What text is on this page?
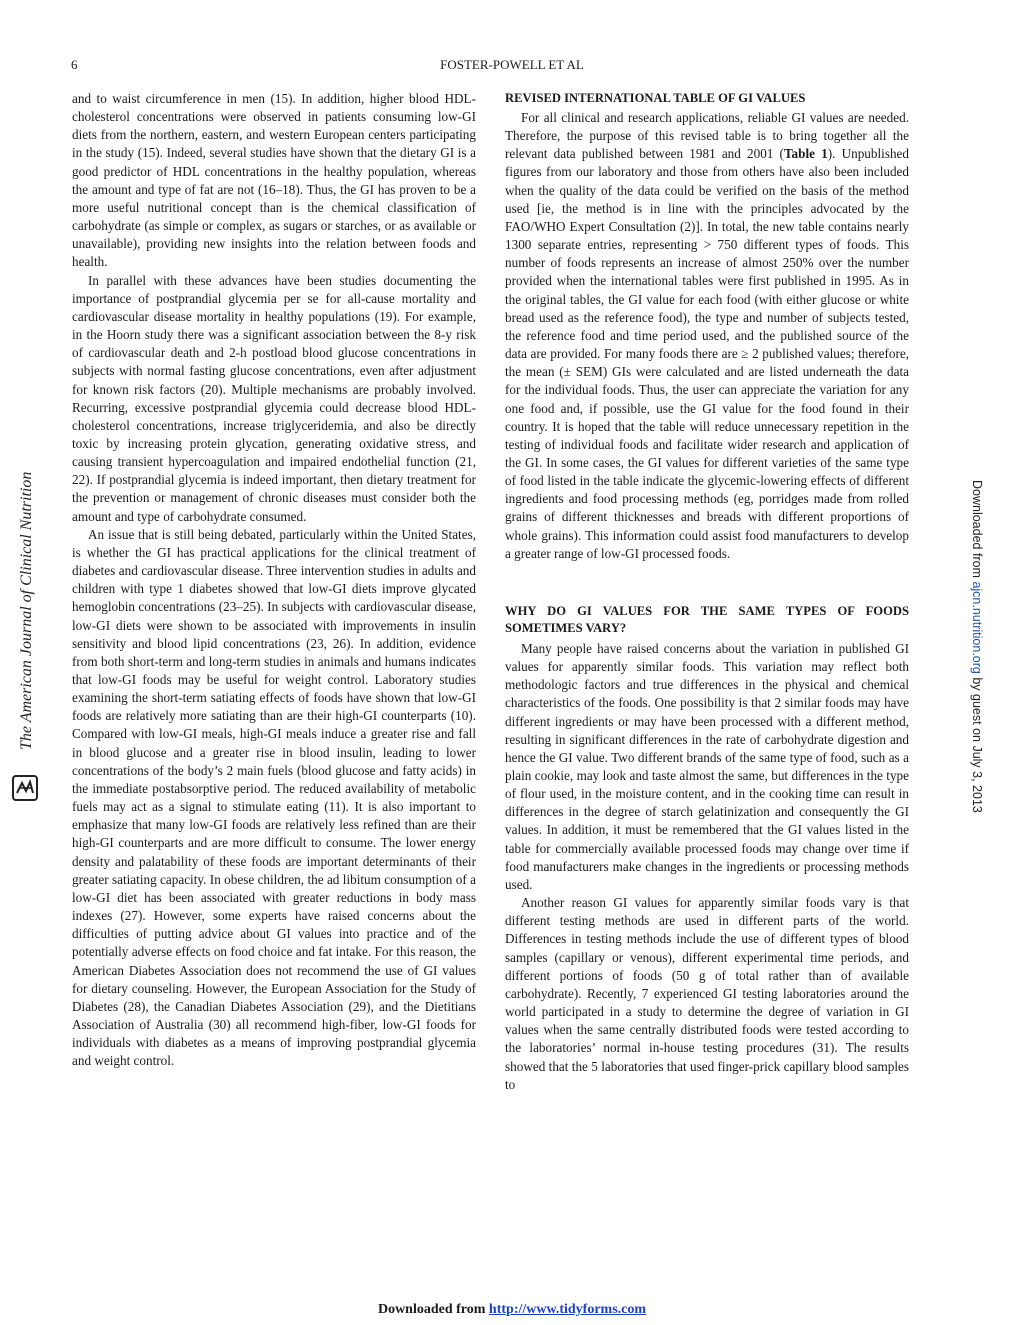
6	FOSTER-POWELL ET AL
The American Journal of Clinical Nutrition	Downloaded from ajcn.nutrition.org by guest on July 3, 2013

and to waist circumference in men (15). In addition, higher blood HDL-cholesterol concentrations were observed in patients consuming low-GI diets from the northern, eastern, and western European centers participating in the study (15). Indeed, several studies have shown that the dietary GI is a good predictor of HDL concentrations in the healthy population, whereas the amount and type of fat are not (16–18). Thus, the GI has proven to be a more useful nutritional concept than is the chemical classification of carbohydrate (as simple or complex, as sugars or starches, or as available or unavailable), providing new insights into the relation between foods and health.

In parallel with these advances have been studies documenting the importance of postprandial glycemia per se for all-cause mortality and cardiovascular disease mortality in healthy populations (19). For example, in the Hoorn study there was a significant association between the 8-y risk of cardiovascular death and 2-h postload blood glucose concentrations in subjects with normal fasting glucose concentrations, even after adjustment for known risk factors (20). Multiple mechanisms are probably involved. Recurring, excessive postprandial glycemia could decrease blood HDL-cholesterol concentrations, increase triglyceridemia, and also be directly toxic by increasing protein glycation, generating oxidative stress, and causing transient hypercoagulation and impaired endothelial function (21, 22). If postprandial glycemia is indeed important, then dietary treatment for the prevention or management of chronic diseases must consider both the amount and type of carbohydrate consumed.

An issue that is still being debated, particularly within the United States, is whether the GI has practical applications for the clinical treatment of diabetes and cardiovascular disease. Three intervention studies in adults and children with type 1 diabetes showed that low-GI diets improve glycated hemoglobin concentrations (23–25). In subjects with cardiovascular disease, low-GI diets were shown to be associated with improvements in insulin sensitivity and blood lipid concentrations (23, 26). In addition, evidence from both short-term and long-term studies in animals and humans indicates that low-GI foods may be useful for weight control. Laboratory studies examining the short-term satiating effects of foods have shown that low-GI foods are relatively more satiating than are their high-GI counterparts (10). Compared with low-GI meals, high-GI meals induce a greater rise and fall in blood glucose and a greater rise in blood insulin, leading to lower concentrations of the body’s 2 main fuels (blood glucose and fatty acids) in the immediate postabsorptive period. The reduced availability of metabolic fuels may act as a signal to stimulate eating (11). It is also important to emphasize that many low-GI foods are relatively less refined than are their high-GI counterparts and are more difficult to consume. The lower energy density and palatability of these foods are important determinants of their greater satiating capacity. In obese children, the ad libitum consumption of a low-GI diet has been associated with greater reductions in body mass indexes (27). However, some experts have raised concerns about the difficulties of putting advice about GI values into practice and of the potentially adverse effects on food choice and fat intake. For this reason, the American Diabetes Association does not recommend the use of GI values for dietary counseling. However, the European Association for the Study of Diabetes (28), the Canadian Diabetes Association (29), and the Dietitians Association of Australia (30) all recommend high-fiber, low-GI foods for individuals with diabetes as a means of improving postprandial glycemia and weight control.

REVISED INTERNATIONAL TABLE OF GI VALUES

For all clinical and research applications, reliable GI values are needed. Therefore, the purpose of this revised table is to bring together all the relevant data published between 1981 and 2001 (Table 1). Unpublished figures from our laboratory and those from others have also been included when the quality of the data could be verified on the basis of the method used [ie, the method is in line with the principles advocated by the FAO/WHO Expert Consultation (2)]. In total, the new table contains nearly 1300 separate entries, representing > 750 different types of foods. This number of foods represents an increase of almost 250% over the number provided when the international tables were first published in 1995. As in the original tables, the GI value for each food (with either glucose or white bread used as the reference food), the type and number of subjects tested, the reference food and time period used, and the published source of the data are provided. For many foods there are ≥ 2 published values; therefore, the mean (± SEM) GIs were calculated and are listed underneath the data for the individual foods. Thus, the user can appreciate the variation for any one food and, if possible, use the GI value for the food found in their country. It is hoped that the table will reduce unnecessary repetition in the testing of individual foods and facilitate wider research and application of the GI. In some cases, the GI values for different varieties of the same type of food listed in the table indicate the glycemic-lowering effects of different ingredients and food processing methods (eg, porridges made from rolled grains of different thicknesses and breads with different proportions of whole grains). This information could assist food manufacturers to develop a greater range of low-GI processed foods.

WHY DO GI VALUES FOR THE SAME TYPES OF FOODS SOMETIMES VARY?

Many people have raised concerns about the variation in published GI values for apparently similar foods. This variation may reflect both methodologic factors and true differences in the physical and chemical characteristics of the foods. One possibility is that 2 similar foods may have different ingredients or may have been processed with a different method, resulting in significant differences in the rate of carbohydrate digestion and hence the GI value. Two different brands of the same type of food, such as a plain cookie, may look and taste almost the same, but differences in the type of flour used, in the moisture content, and in the cooking time can result in differences in the degree of starch gelatinization and consequently the GI values. In addition, it must be remembered that the GI values listed in the table for commercially available processed foods may change over time if food manufacturers make changes in the ingredients or processing methods used.

Another reason GI values for apparently similar foods vary is that different testing methods are used in different parts of the world. Differences in testing methods include the use of different types of blood samples (capillary or venous), different experimental time periods, and different portions of foods (50 g of total rather than of available carbohydrate). Recently, 7 experienced GI testing laboratories around the world participated in a study to determine the degree of variation in GI values when the same centrally distributed foods were tested according to the laboratories’ normal in-house testing procedures (31). The results showed that the 5 laboratories that used finger-prick capillary blood samples to

Downloaded from http://www.tidyforms.com
